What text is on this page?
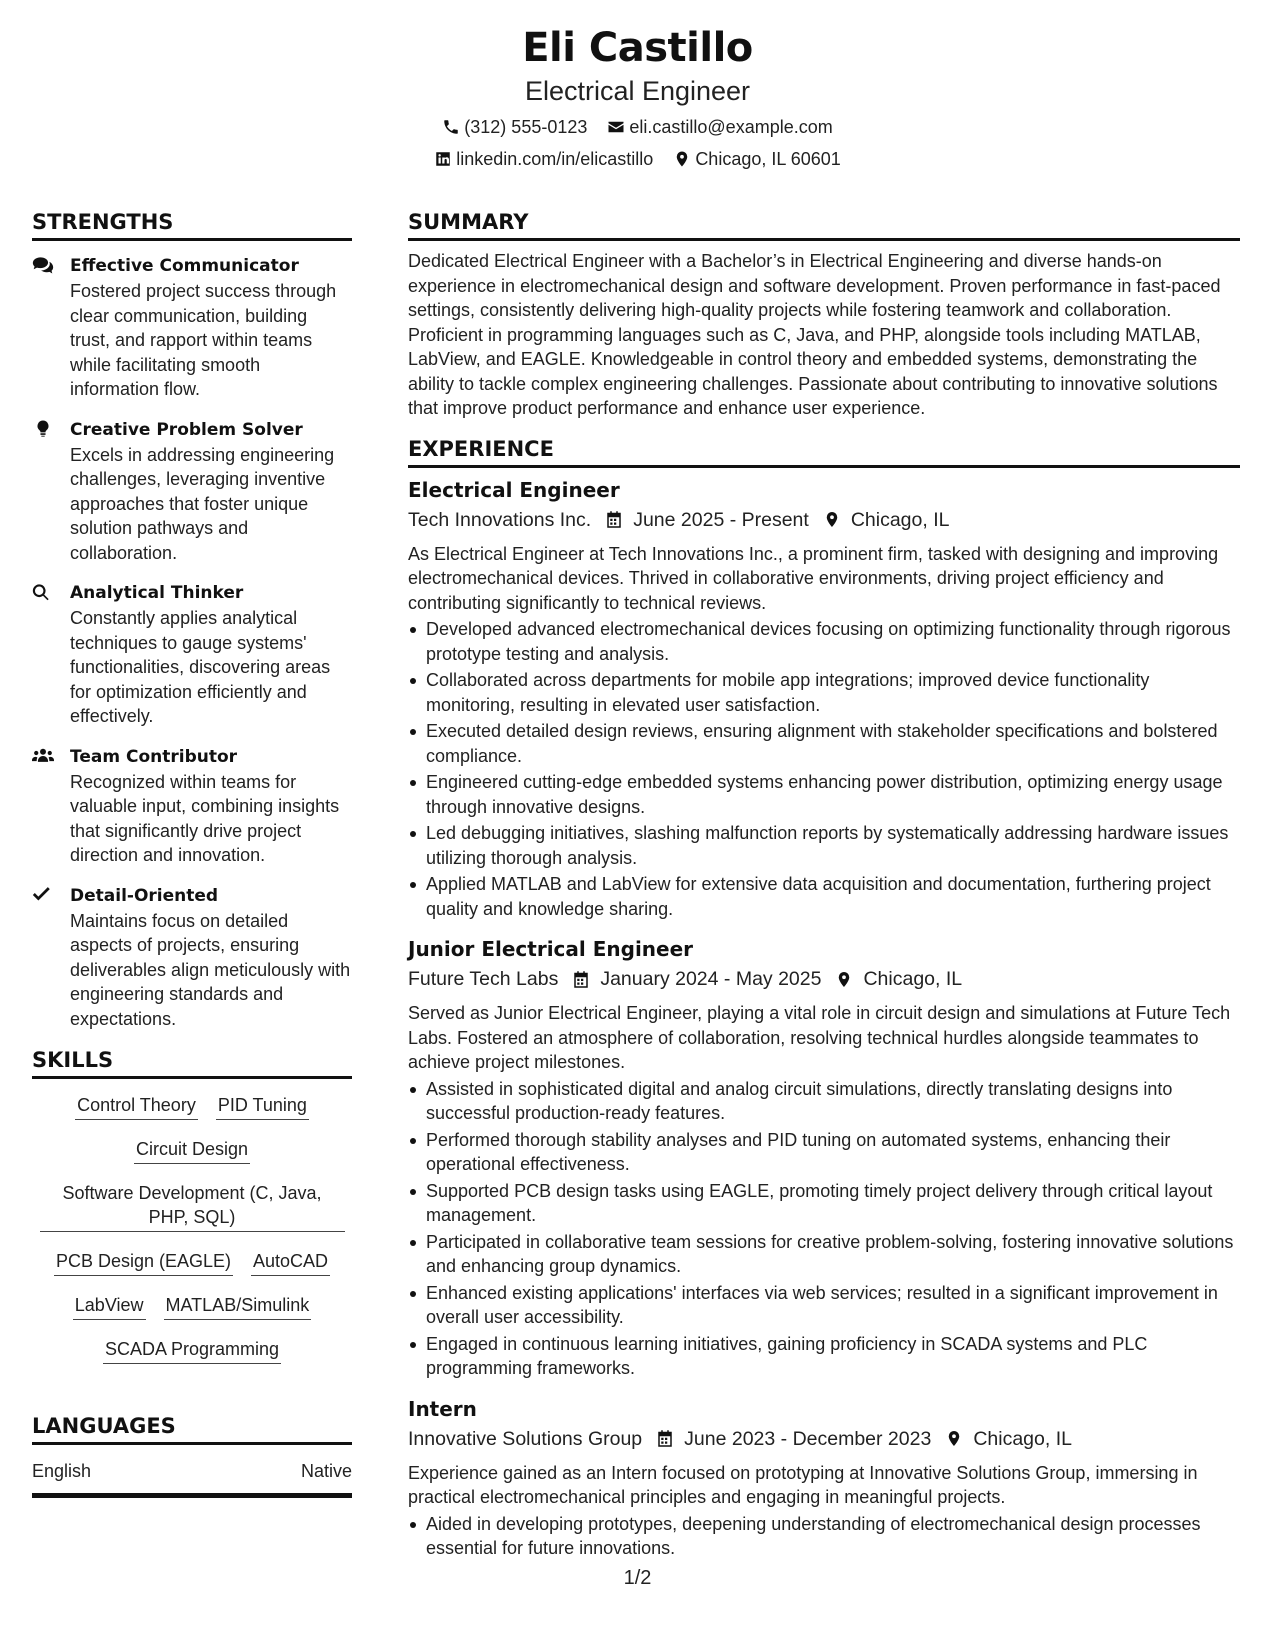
Eli Castillo
Electrical Engineer
(312) 555-0123 eli.castillo@example.com
linkedin.com/in/elicastillo Chicago, IL 60601
STRENGTHS
Effective Communicator
Fostered project success through clear communication, building trust, and rapport within teams while facilitating smooth information flow.
Creative Problem Solver
Excels in addressing engineering challenges, leveraging inventive approaches that foster unique solution pathways and collaboration.
Analytical Thinker
Constantly applies analytical techniques to gauge systems' functionalities, discovering areas for optimization efficiently and effectively.
Team Contributor
Recognized within teams for valuable input, combining insights that significantly drive project direction and innovation.
Detail-Oriented
Maintains focus on detailed aspects of projects, ensuring deliverables align meticulously with engineering standards and expectations.
SKILLS
Control Theory PID Tuning
Circuit Design
Software Development (C, Java, PHP, SQL)
PCB Design (EAGLE) AutoCAD
LabView MATLAB/Simulink
SCADA Programming
LANGUAGES
English	Native
SUMMARY
Dedicated Electrical Engineer with a Bachelor’s in Electrical Engineering and diverse hands-on experience in electromechanical design and software development. Proven performance in fast-paced settings, consistently delivering high-quality projects while fostering teamwork and collaboration. Proficient in programming languages such as C, Java, and PHP, alongside tools including MATLAB, LabView, and EAGLE. Knowledgeable in control theory and embedded systems, demonstrating the ability to tackle complex engineering challenges. Passionate about contributing to innovative solutions that improve product performance and enhance user experience.
EXPERIENCE
Electrical Engineer
Tech Innovations Inc. June 2025 - Present Chicago, IL
As Electrical Engineer at Tech Innovations Inc., a prominent firm, tasked with designing and improving electromechanical devices. Thrived in collaborative environments, driving project efficiency and contributing significantly to technical reviews.
Developed advanced electromechanical devices focusing on optimizing functionality through rigorous prototype testing and analysis.
Collaborated across departments for mobile app integrations; improved device functionality monitoring, resulting in elevated user satisfaction.
Executed detailed design reviews, ensuring alignment with stakeholder specifications and bolstered compliance.
Engineered cutting-edge embedded systems enhancing power distribution, optimizing energy usage through innovative designs.
Led debugging initiatives, slashing malfunction reports by systematically addressing hardware issues utilizing thorough analysis.
Applied MATLAB and LabView for extensive data acquisition and documentation, furthering project quality and knowledge sharing.
Junior Electrical Engineer
Future Tech Labs January 2024 - May 2025 Chicago, IL
Served as Junior Electrical Engineer, playing a vital role in circuit design and simulations at Future Tech Labs. Fostered an atmosphere of collaboration, resolving technical hurdles alongside teammates to achieve project milestones.
Assisted in sophisticated digital and analog circuit simulations, directly translating designs into successful production-ready features.
Performed thorough stability analyses and PID tuning on automated systems, enhancing their operational effectiveness.
Supported PCB design tasks using EAGLE, promoting timely project delivery through critical layout management.
Participated in collaborative team sessions for creative problem-solving, fostering innovative solutions and enhancing group dynamics.
Enhanced existing applications' interfaces via web services; resulted in a significant improvement in overall user accessibility.
Engaged in continuous learning initiatives, gaining proficiency in SCADA systems and PLC programming frameworks.
Intern
Innovative Solutions Group June 2023 - December 2023 Chicago, IL
Experience gained as an Intern focused on prototyping at Innovative Solutions Group, immersing in practical electromechanical principles and engaging in meaningful projects.
Aided in developing prototypes, deepening understanding of electromechanical design processes essential for future innovations.
1/2
